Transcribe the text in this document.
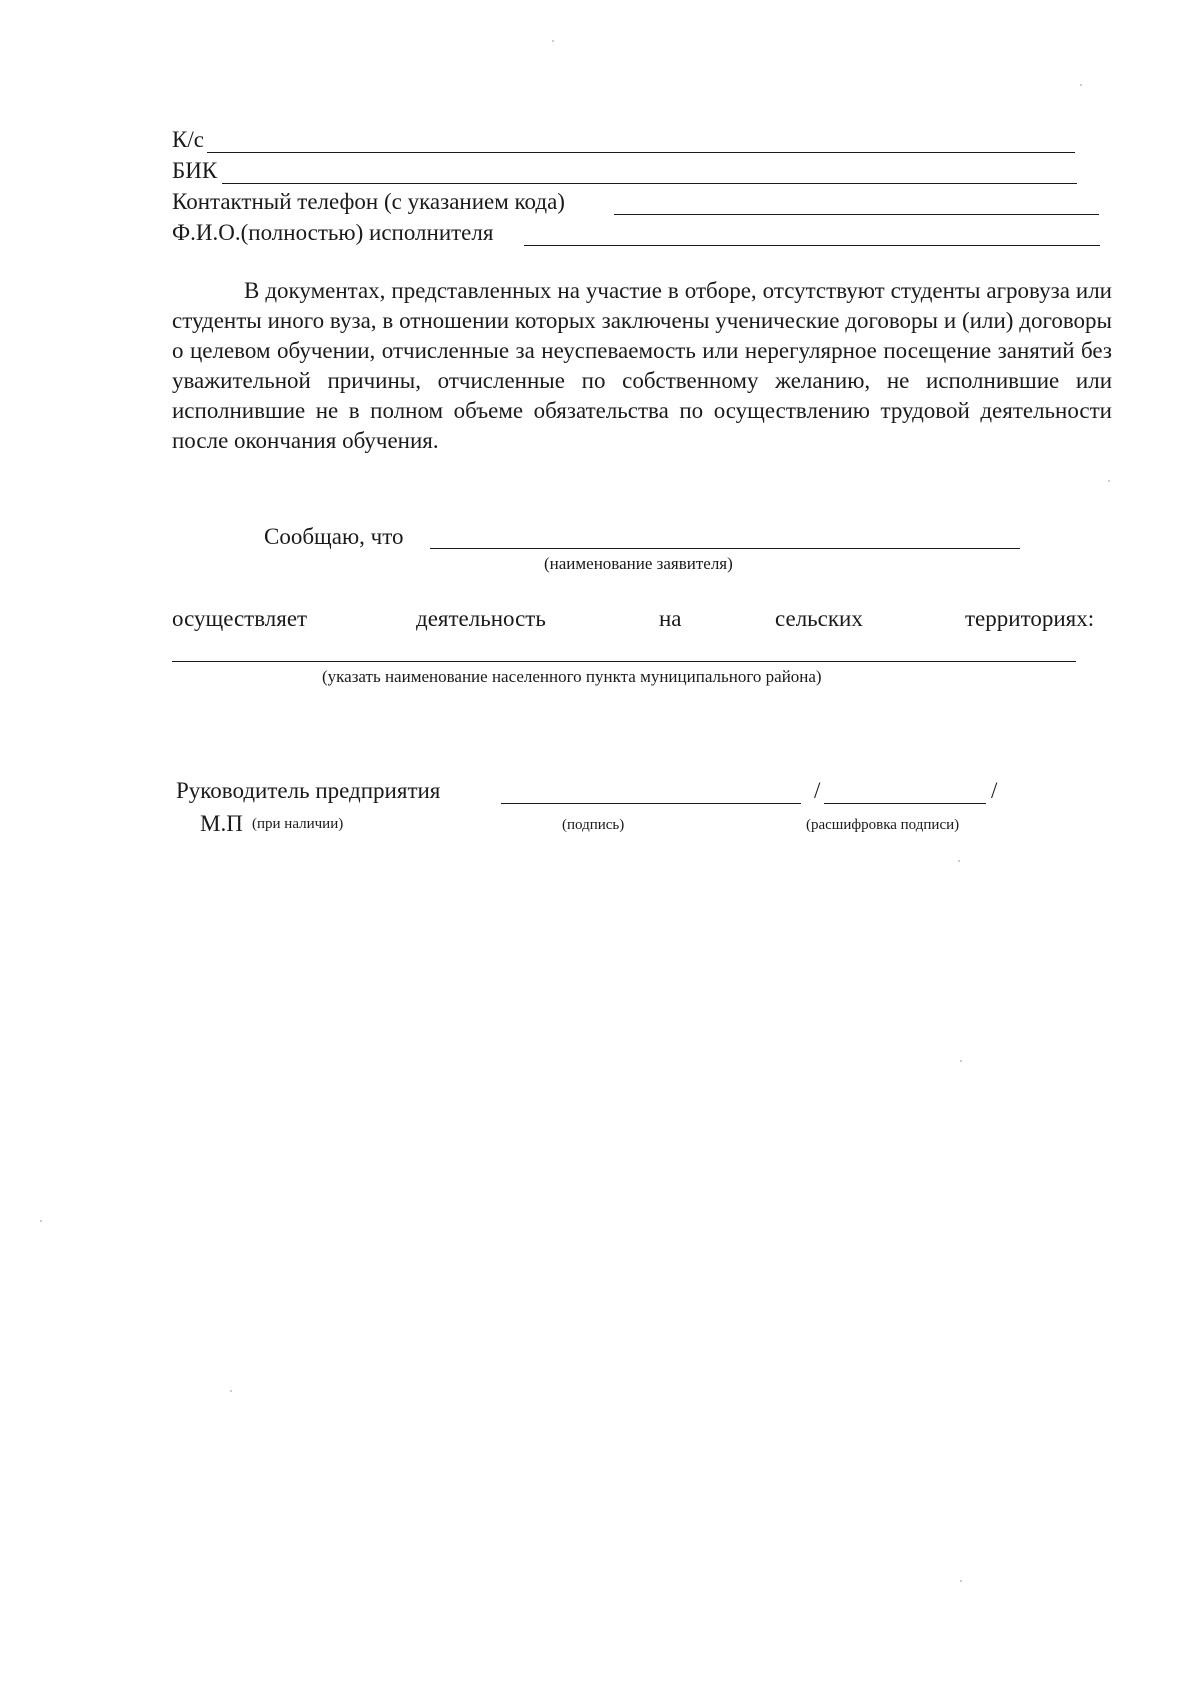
К/с
БИК
Контактный телефон (с указанием кода)
Ф.И.О.(полностью) исполнителя
В документах, представленных на участие в отборе, отсутствуют студенты агровуза или студенты иного вуза, в отношении которых заключены ученические договоры и (или) договоры о целевом обучении, отчисленные за неуспеваемость или нерегулярное посещение занятий без уважительной причины, отчисленные по собственному желанию, не исполнившие или исполнившие не в полном объеме обязательства по осуществлению трудовой деятельности после окончания обучения.
Сообщаю, что
(наименование заявителя)
осуществляет	деятельность	на	сельских	территориях:
(указать наименование населенного пункта муниципального района)
Руководитель предприятия	/	/
М.П (при наличии)	(подпись)	(расшифровка подписи)
